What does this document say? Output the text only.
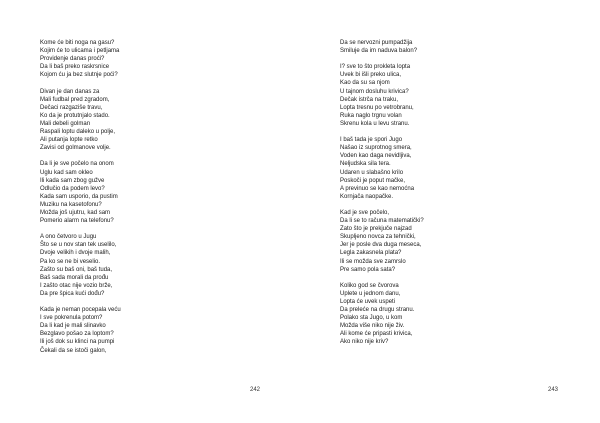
Kome će biti noga na gasu?
Kojim će to ulicama i petljama
Providenje danas proći?
Da li baš preko raskrsnice
Kojom ću ja bez slutnje poći?
Divan je dan danas za
Mali fudbal pred zgradom,
Dečaci razgaziše travu,
Ko da je protutnjalo stado.
Mali debeli golman
Raspali loptu daleko u polje,
Ali putanja lopte retko
Zavisi od golmanove volje.
Da li je sve počelo na onom
Uglu kad sam okleo
Ili kada sam zbog gužve
Odlučio da podem levo?
Kada sam usporio, da pustim
Muziku na kasetofonu?
Možda još ujutru, kad sam
Pomerio alarm na telefonu?
A ono četvoro u Jugu
Što se u nov stan tek uselilo,
Dvoje velikih i dvoje malih,
Pa ko se ne bi veselio.
Zašto su baš oni, baš tuda,
Baš sada morali da prođu
I zašto otac nije vozio brže,
Da pre špica kući dođu?
Kada je neman pocepala veću
I sve pokrenula potom?
Da li kad je mali slinavko
Bezglavo pošao za loptom?
Ili još dok su klinci na pumpi
Čekali da se istoči galon,
242
Da se nervozni pumpadžija
Smiluje da im naduva balon?
I? sve to što prokleta lopta
Uvek bi išli preko ulica,
Kao da su sa njom
U tajnom dosluhu krivica?
Dečak istrča na traku,
Lopta tresnu po vetrobranu,
Ruka naglo trgnu volan
Skrenu kola u levu stranu.
I baš tada je spori Jugo
Našao iz suprotnog smera,
Voden kao daga nevidljiva,
Neljudska sila tera.
Udaren u slabašno krilo
Poskoči je poput mačke,
A previnuo se kao nemoćna
Kornjača naopačke.
Kad je sve počelo,
Da li se to računa matematički?
Zato što je prekjuče najzad
Skupljeno novca za tehnički,
Jer je posle dva duga meseca,
Legla zakasnela plata?
Ili se možda sve zamrslo
Pre samo pola sata?
Koliko god se čvorova
Uplete u jednom danu,
Lopta će uvek uspeti
Da preleće na drugu stranu.
Polako sta Jugo, u kom
Možda više niko nije živ.
Ali kome će pripasti krivica,
Ako niko nije kriv?
243
